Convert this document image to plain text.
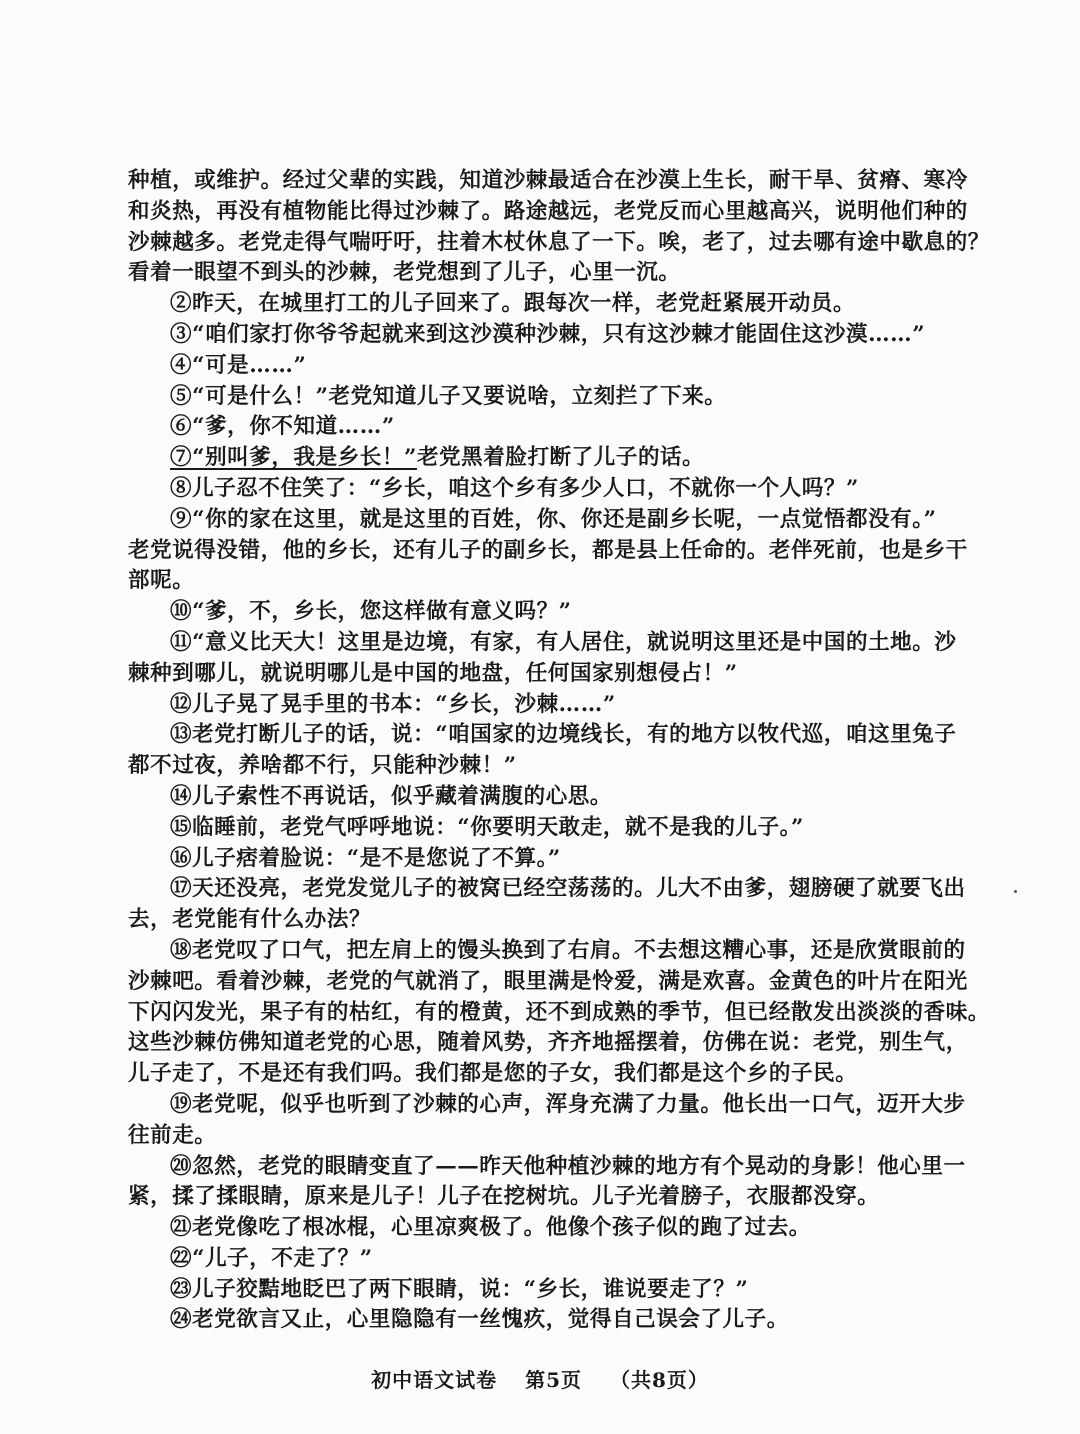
种植，或维护。经过父辈的实践，知道沙棘最适合在沙漠上生长，耐干旱、贫瘠、寒冷

和炎热，再没有植物能比得过沙棘了。路途越远，老党反而心里越高兴，说明他们种的

沙棘越多。老党走得气喘吁吁，拄着木杖休息了一下。唉，老了，过去哪有途中歇息的？

看着一眼望不到头的沙棘，老党想到了儿子，心里一沉。

②昨天，在城里打工的儿子回来了。跟每次一样，老党赶紧展开动员。

③“咱们家打你爷爷起就来到这沙漠种沙棘，只有这沙棘才能固住这沙漠……”

④“可是……”

⑤“可是什么！”老党知道儿子又要说啥，立刻拦了下来。

⑥“爹，你不知道……”

⑦“别叫爹，我是乡长！”老党黑着脸打断了儿子的话。

⑧儿子忍不住笑了：“乡长，咱这个乡有多少人口，不就你一个人吗？”

⑨“你的家在这里，就是这里的百姓，你、你还是副乡长呢，一点觉悟都没有。”

老党说得没错，他的乡长，还有儿子的副乡长，都是县上任命的。老伴死前，也是乡干

部呢。

⑩“爹，不，乡长，您这样做有意义吗？”

⑪“意义比天大！这里是边境，有家，有人居住，就说明这里还是中国的土地。沙

棘种到哪儿，就说明哪儿是中国的地盘，任何国家别想侵占！”

⑫儿子晃了晃手里的书本：“乡长，沙棘……”

⑬老党打断儿子的话，说：“咱国家的边境线长，有的地方以牧代巡，咱这里兔子

都不过夜，养啥都不行，只能种沙棘！”

⑭儿子索性不再说话，似乎藏着满腹的心思。

⑮临睡前，老党气呼呼地说：“你要明天敢走，就不是我的儿子。”

⑯儿子痞着脸说：“是不是您说了不算。”

⑰天还没亮，老党发觉儿子的被窝已经空荡荡的。儿大不由爹，翅膀硬了就要飞出

去，老党能有什么办法？

⑱老党叹了口气，把左肩上的馒头换到了右肩。不去想这糟心事，还是欣赏眼前的

沙棘吧。看着沙棘，老党的气就消了，眼里满是怜爱，满是欢喜。金黄色的叶片在阳光

下闪闪发光，果子有的枯红，有的橙黄，还不到成熟的季节，但已经散发出淡淡的香味。

这些沙棘仿佛知道老党的心思，随着风势，齐齐地摇摆着，仿佛在说：老党，别生气，

儿子走了，不是还有我们吗。我们都是您的子女，我们都是这个乡的子民。

⑲老党呢，似乎也听到了沙棘的心声，浑身充满了力量。他长出一口气，迈开大步

往前走。

⑳忽然，老党的眼睛变直了——昨天他种植沙棘的地方有个晃动的身影！他心里一

紧，揉了揉眼睛，原来是儿子！儿子在挖树坑。儿子光着膀子，衣服都没穿。

㉑老党像吃了根冰棍，心里凉爽极了。他像个孩子似的跑了过去。

㉒“儿子，不走了？”

㉓儿子狡黠地眨巴了两下眼睛，说：“乡长，谁说要走了？”

㉔老党欲言又止，心里隐隐有一丝愧疚，觉得自己误会了儿子。

初中语文试卷 第5页 （共8页）
